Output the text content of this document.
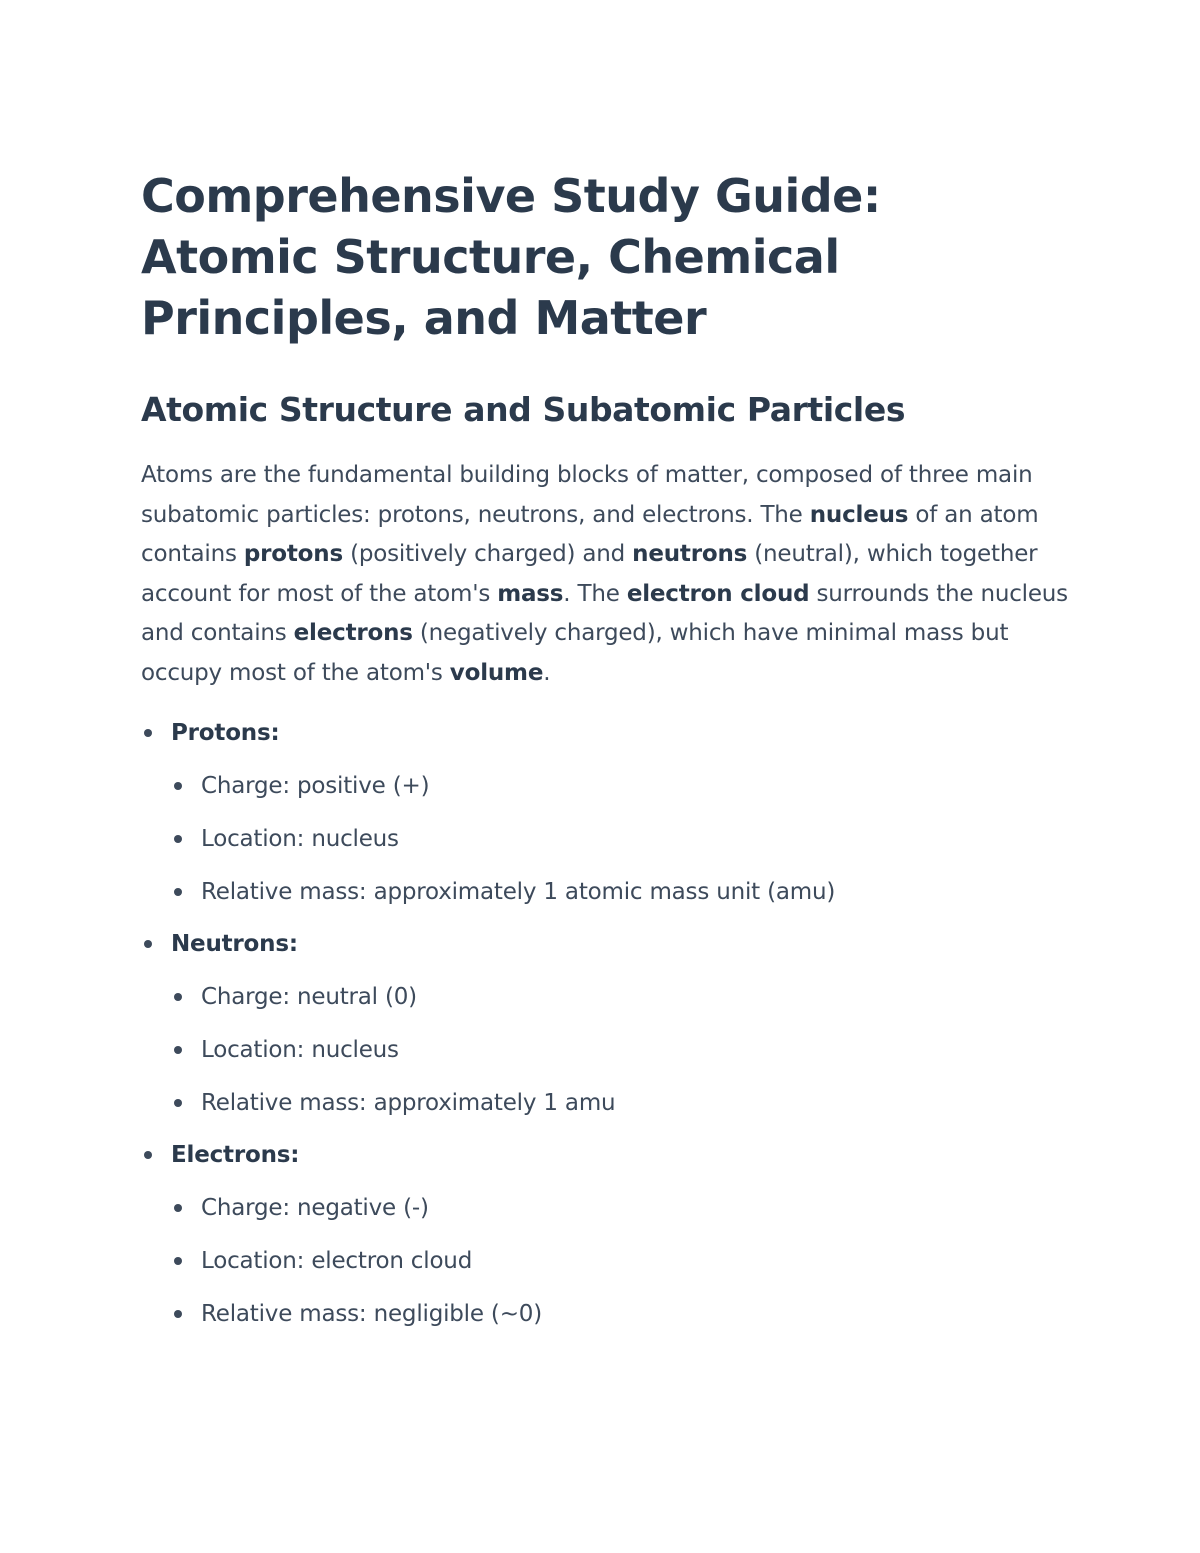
Comprehensive Study Guide: Atomic Structure, Chemical Principles, and Matter
Atomic Structure and Subatomic Particles

Atoms are the fundamental building blocks of matter, composed of three main subatomic particles: protons, neutrons, and electrons. The nucleus of an atom contains protons (positively charged) and neutrons (neutral), which together account for most of the atom's mass. The electron cloud surrounds the nucleus and contains electrons (negatively charged), which have minimal mass but occupy most of the atom's volume.

Protons:
Charge: positive (+)
Location: nucleus
Relative mass: approximately 1 atomic mass unit (amu)
Neutrons:
Charge: neutral (0)
Location: nucleus
Relative mass: approximately 1 amu
Electrons:
Charge: negative (-)
Location: electron cloud
Relative mass: negligible (~0)
